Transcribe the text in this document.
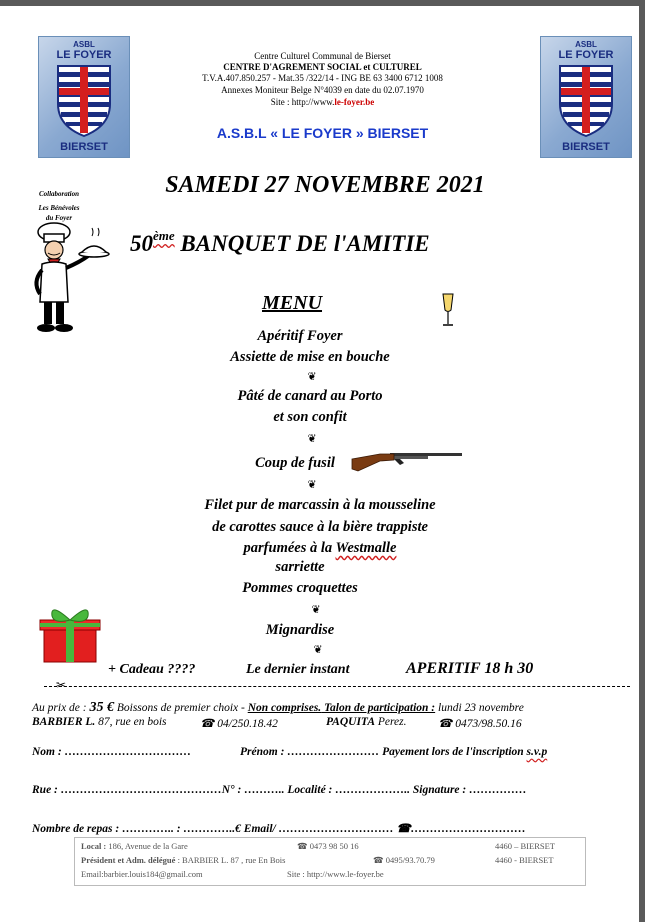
ASBL
LE FOYER
BIERSET
ASBL
LE FOYER
BIERSET
Centre Culturel Communal de Bierset
CENTRE D'AGREMENT SOCIAL et CULTUREL
T.V.A.407.850.257 - Mat.35 /322/14 - ING BE 63 3400 6712 1008
Annexes Moniteur Belge N°4039 en date du 02.07.1970
Site : http://www.le-foyer.be
A.S.B.L « LE FOYER » BIERSET
Collaboration
Les Bénévoles
du Foyer
SAMEDI 27 NOVEMBRE 2021
50ème BANQUET DE l'AMITIE
MENU
Apéritif Foyer
Assiette de mise en bouche
❦
Pâté de canard au Porto
et son confit
❦
Coup de fusil
❦
Filet pur de marcassin à la mousseline
de carottes sauce à la bière trappiste
parfumées à la Westmalle
sarriette
Pommes croquettes
❦
Mignardise
❦
+ Cadeau ????	Le dernier instant	APERITIF 18 h 30
✂
Au prix de : 35 € Boissons de premier choix - Non comprises. Talon de participation : lundi 23 novembre
BARBIER L. 87, rue en bois	☎ 04/250.18.42	PAQUITA Perez.	☎ 0473/98.50.16
Nom : ……………………………	Prénom : …………………… Payement lors de l'inscription s.v.p
Rue : ……………………………………N° : ……….. Localité : ……………….. Signature : ……………
Nombre de repas : ………….. : …………..€ Email/ ………………………… ☎…………………………
Local : 186, Avenue de la Gare	☎ 0473 98 50 16	4460 – BIERSET
Président et Adm. délégué : BARBIER L. 87 , rue En Bois	☎ 0495/93.70.79	4460 - BIERSET
Email:barbier.louis184@gmail.com	Site : http://www.le-foyer.be
